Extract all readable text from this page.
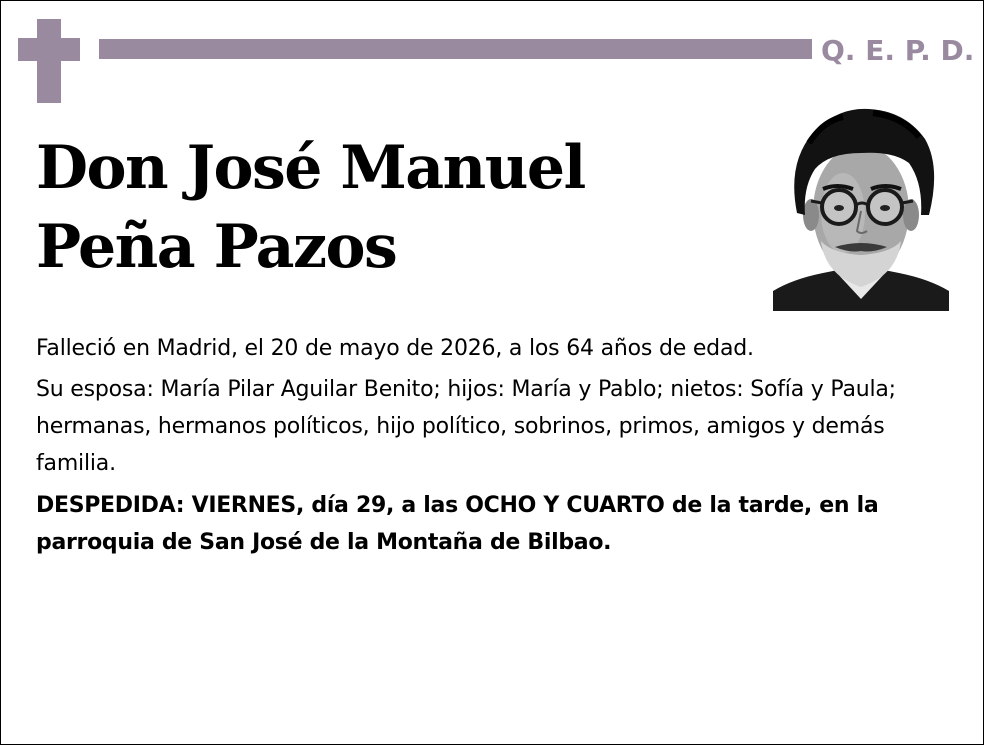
Q. E. P. D.
Don José Manuel
Peña Pazos
Falleció en Madrid, el 20 de mayo de 2026, a los 64 años de edad.
Su esposa: María Pilar Aguilar Benito; hijos: María y Pablo; nietos: Sofía y Paula; hermanas, hermanos políticos, hijo político, sobrinos, primos, amigos y demás familia.
DESPEDIDA: VIERNES, día 29, a las OCHO Y CUARTO de la tarde, en la parroquia de San José de la Montaña de Bilbao.
